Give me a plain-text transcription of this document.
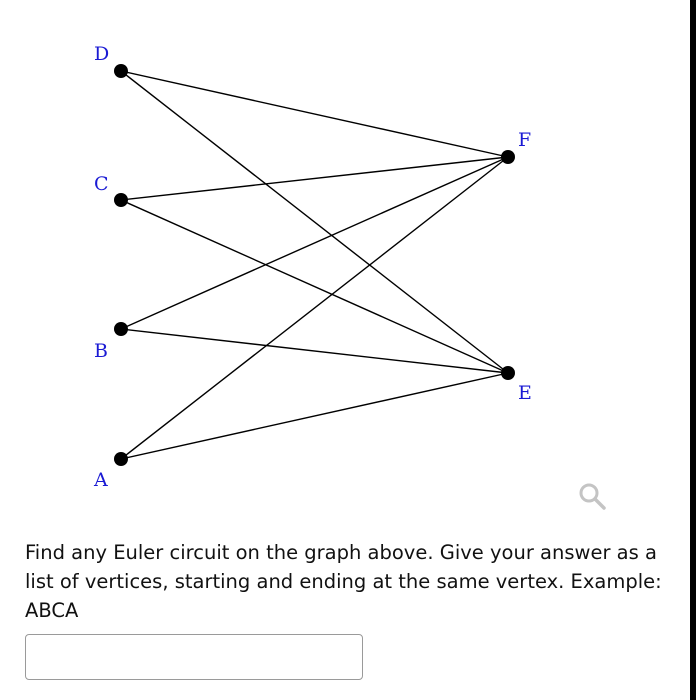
D
C
B
A
F
E

Find any Euler circuit on the graph above. Give your answer as a list of vertices, starting and ending at the same vertex. Example: ABCA
